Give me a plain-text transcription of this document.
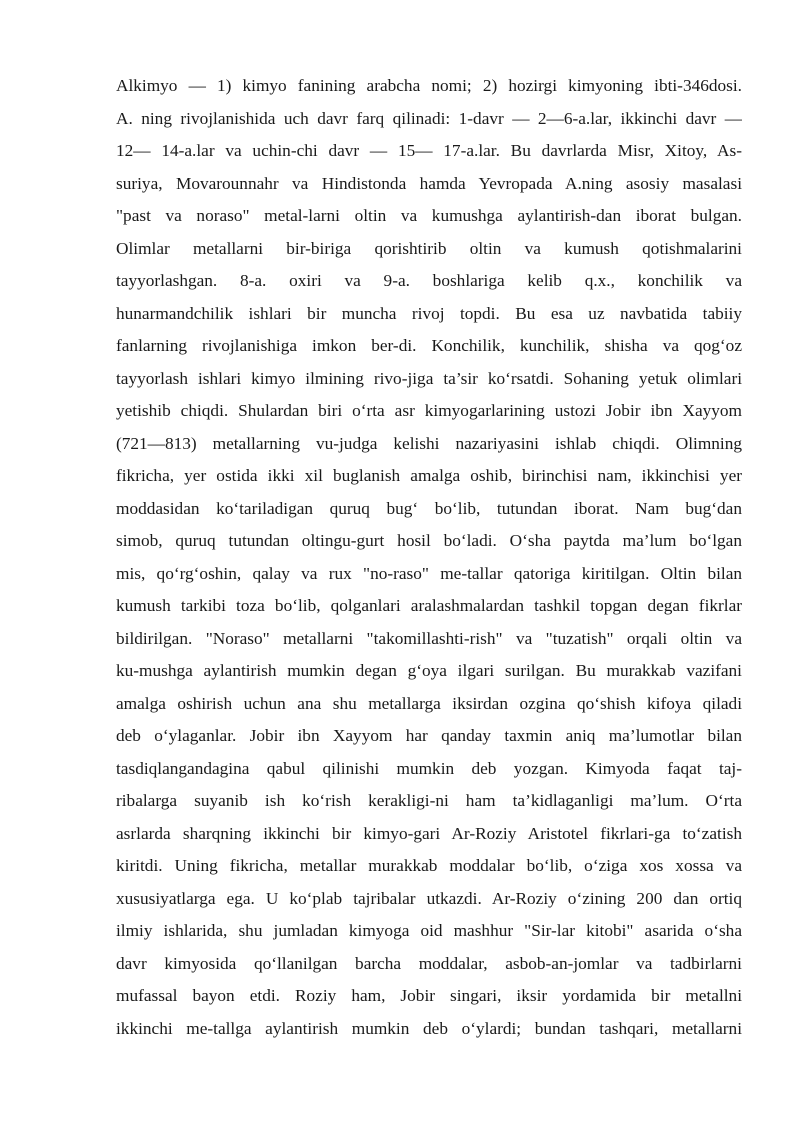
Alkimyo — 1) kimyo fanining arabcha nomi; 2) hozirgi kimyoning ibti-346dosi.
A. ning rivojlanishida uch davr farq qilinadi: 1-davr — 2—6-a.lar, ikkinchi davr —
12— 14-a.lar va uchin-chi davr — 15— 17-a.lar. Bu davrlarda Misr, Xitoy, As-
suriya, Movarounnahr va Hindistonda hamda Yevropada A.ning asosiy masalasi
"past va noraso" metal-larni oltin va kumushga aylantirish-dan iborat bulgan.
Olimlar metallarni bir-biriga qorishtirib oltin va kumush qotishmalarini
tayyorlashgan. 8-a. oxiri va 9-a. boshlariga kelib q.x., konchilik va
hunarmandchilik ishlari bir muncha rivoj topdi. Bu esa uz navbatida tabiiy
fanlarning rivojlanishiga imkon ber-di. Konchilik, kunchilik, shisha va qog‘oz
tayyorlash ishlari kimyo ilmining rivo-jiga ta’sir ko‘rsatdi. Sohaning yetuk olimlari
yetishib chiqdi. Shulardan biri o‘rta asr kimyogarlarining ustozi Jobir ibn Xayyom
(721—813) metallarning vu-judga kelishi nazariyasini ishlab chiqdi. Olimning
fikricha, yer ostida ikki xil buglanish amalga oshib, birinchisi nam, ikkinchisi yer
moddasidan ko‘tariladigan quruq bug‘ bo‘lib, tutundan iborat. Nam bug‘dan
simob, quruq tutundan oltingu-gurt hosil bo‘ladi. O‘sha paytda ma’lum bo‘lgan
mis, qo‘rg‘oshin, qalay va rux "no-raso" me-tallar qatoriga kiritilgan. Oltin bilan
kumush tarkibi toza bo‘lib, qolganlari aralashmalardan tashkil topgan degan fikrlar
bildirilgan. "Noraso" metallarni "takomillashti-rish" va "tuzatish" orqali oltin va
ku-mushga aylantirish mumkin degan g‘oya ilgari surilgan. Bu murakkab vazifani
amalga oshirish uchun ana shu metallarga iksirdan ozgina qo‘shish kifoya qiladi
deb o‘ylaganlar. Jobir ibn Xayyom har qanday taxmin aniq ma’lumotlar bilan
tasdiqlangandagina qabul qilinishi mumkin deb yozgan. Kimyoda faqat taj-
ribalarga suyanib ish ko‘rish kerakligi-ni ham ta’kidlaganligi ma’lum. O‘rta
asrlarda sharqning ikkinchi bir kimyo-gari Ar-Roziy Aristotel fikrlari-ga to‘zatish
kiritdi. Uning fikricha, metallar murakkab moddalar bo‘lib, o‘ziga xos xossa va
xususiyatlarga ega. U ko‘plab tajribalar utkazdi. Ar-Roziy o‘zining 200 dan ortiq
ilmiy ishlarida, shu jumladan kimyoga oid mashhur "Sir-lar kitobi" asarida o‘sha
davr kimyosida qo‘llanilgan barcha moddalar, asbob-an-jomlar va tadbirlarni
mufassal bayon etdi. Roziy ham, Jobir singari, iksir yordamida bir metallni
ikkinchi me-tallga aylantirish mumkin deb o‘ylardi; bundan tashqari, metallarni
